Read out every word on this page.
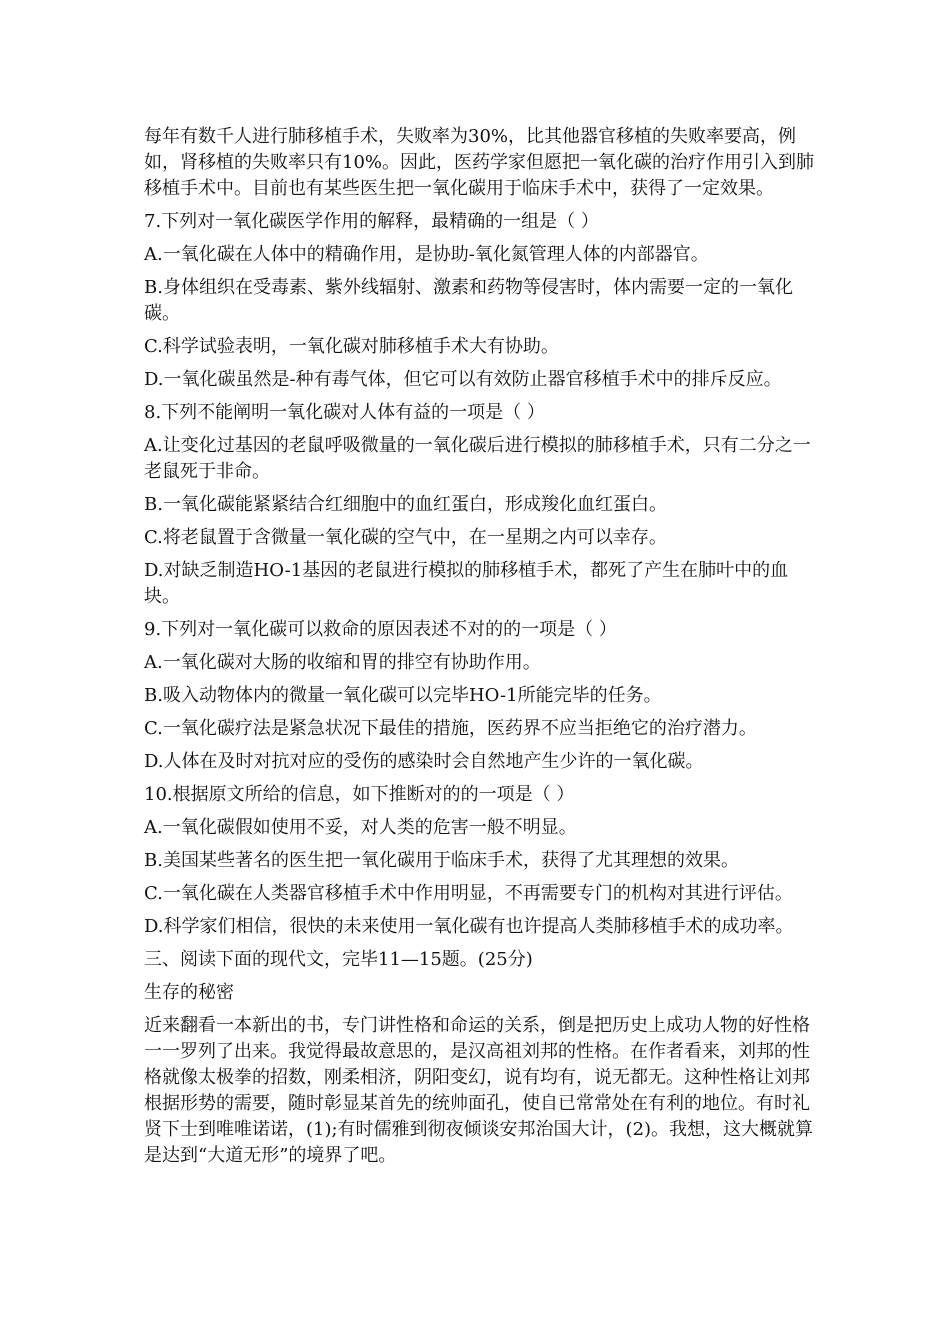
每年有数千人进行肺移植手术，失败率为30%，比其他器官移植的失败率要高，例如，肾移植的失败率只有10%。因此，医药学家但愿把一氧化碳的治疗作用引入到肺移植手术中。目前也有某些医生把一氧化碳用于临床手术中，获得了一定效果。

7.下列对一氧化碳医学作用的解释，最精确的一组是（ ）

A.一氧化碳在人体中的精确作用，是协助-氧化氮管理人体的内部器官。

B.身体组织在受毒素、紫外线辐射、激素和药物等侵害时，体内需要一定的一氧化碳。

C.科学试验表明，一氧化碳对肺移植手术大有协助。

D.一氧化碳虽然是-种有毒气体，但它可以有效防止器官移植手术中的排斥反应。

8.下列不能阐明一氧化碳对人体有益的一项是（ ）

A.让变化过基因的老鼠呼吸微量的一氧化碳后进行模拟的肺移植手术，只有二分之一老鼠死于非命。

B.一氧化碳能紧紧结合红细胞中的血红蛋白，形成羧化血红蛋白。

C.将老鼠置于含微量一氧化碳的空气中，在一星期之内可以幸存。

D.对缺乏制造HO-1基因的老鼠进行模拟的肺移植手术，都死了产生在肺叶中的血块。

9.下列对一氧化碳可以救命的原因表述不对的的一项是（ ）

A.一氧化碳对大肠的收缩和胃的排空有协助作用。

B.吸入动物体内的微量一氧化碳可以完毕HO-1所能完毕的任务。

C.一氧化碳疗法是紧急状况下最佳的措施，医药界不应当拒绝它的治疗潜力。

D.人体在及时对抗对应的受伤的感染时会自然地产生少许的一氧化碳。

10.根据原文所给的信息，如下推断对的的一项是（ ）

A.一氧化碳假如使用不妥，对人类的危害一般不明显。

B.美国某些著名的医生把一氧化碳用于临床手术，获得了尤其理想的效果。

C.一氧化碳在人类器官移植手术中作用明显，不再需要专门的机构对其进行评估。

D.科学家们相信，很快的未来使用一氧化碳有也许提高人类肺移植手术的成功率。

三、阅读下面的现代文，完毕11—15题。(25分)

生存的秘密

近来翻看一本新出的书，专门讲性格和命运的关系，倒是把历史上成功人物的好性格一一罗列了出来。我觉得最故意思的，是汉高祖刘邦的性格。在作者看来，刘邦的性格就像太极拳的招数，刚柔相济，阴阳变幻，说有均有，说无都无。这种性格让刘邦根据形势的需要，随时彰显某首先的统帅面孔，使自已常常处在有利的地位。有时礼贤下士到唯唯诺诺，(1);有时儒雅到彻夜倾谈安邦治国大计，(2)。我想，这大概就算是达到“大道无形”的境界了吧。
